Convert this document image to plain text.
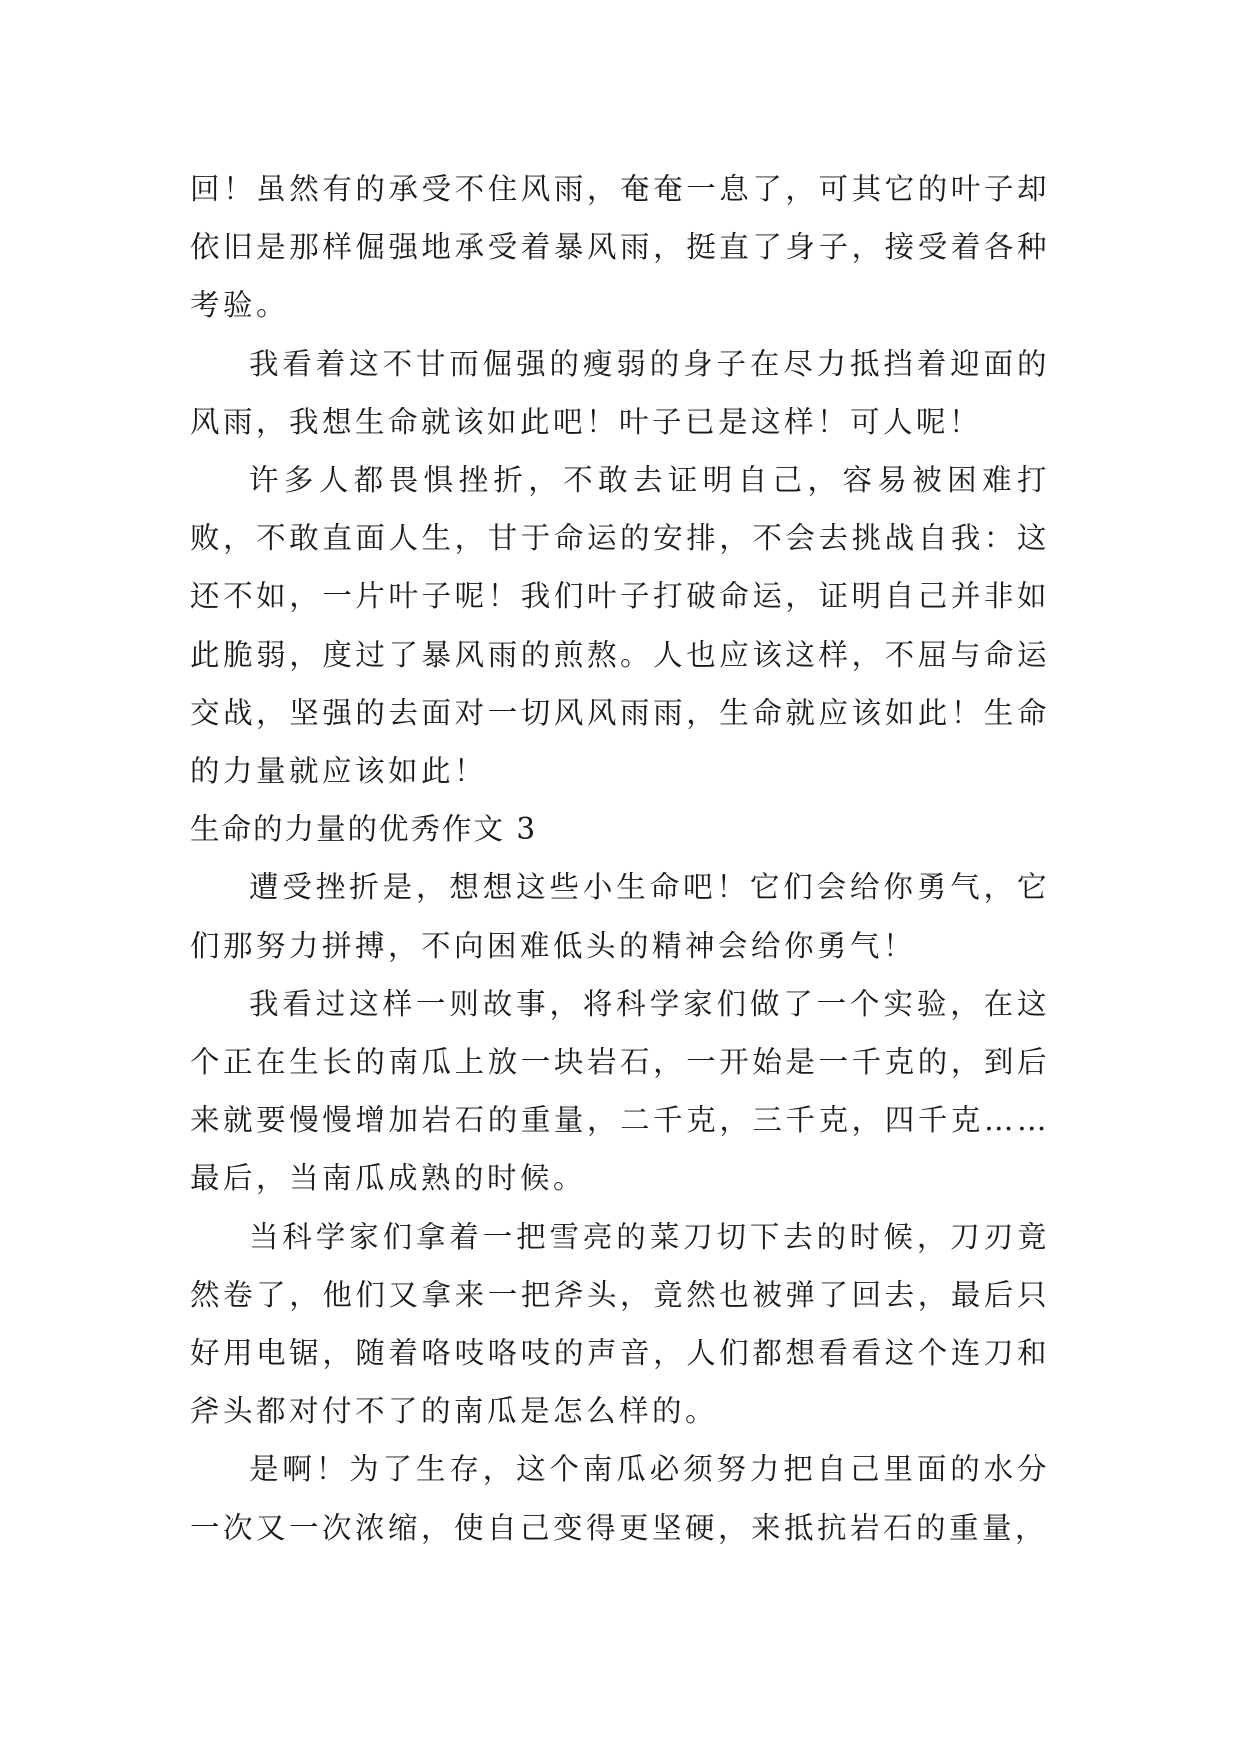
回！虽然有的承受不住风雨，奄奄一息了，可其它的叶子却依旧是那样倔强地承受着暴风雨，挺直了身子，接受着各种考验。

我看着这不甘而倔强的瘦弱的身子在尽力抵挡着迎面的风雨，我想生命就该如此吧！叶子已是这样！可人呢！

许多人都畏惧挫折，不敢去证明自己，容易被困难打败，不敢直面人生，甘于命运的安排，不会去挑战自我：这还不如，一片叶子呢！我们叶子打破命运，证明自己并非如此脆弱，度过了暴风雨的煎熬。人也应该这样，不屈与命运交战，坚强的去面对一切风风雨雨，生命就应该如此！生命的力量就应该如此！

生命的力量的优秀作文 3

遭受挫折是，想想这些小生命吧！它们会给你勇气，它们那努力拼搏，不向困难低头的精神会给你勇气！

我看过这样一则故事，将科学家们做了一个实验，在这个正在生长的南瓜上放一块岩石，一开始是一千克的，到后来就要慢慢增加岩石的重量，二千克，三千克，四千克……最后，当南瓜成熟的时候。

当科学家们拿着一把雪亮的菜刀切下去的时候，刀刃竟然卷了，他们又拿来一把斧头，竟然也被弹了回去，最后只好用电锯，随着咯吱咯吱的声音，人们都想看看这个连刀和斧头都对付不了的南瓜是怎么样的。

是啊！为了生存，这个南瓜必须努力把自己里面的水分一次又一次浓缩，使自己变得更坚硬，来抵抗岩石的重量，
